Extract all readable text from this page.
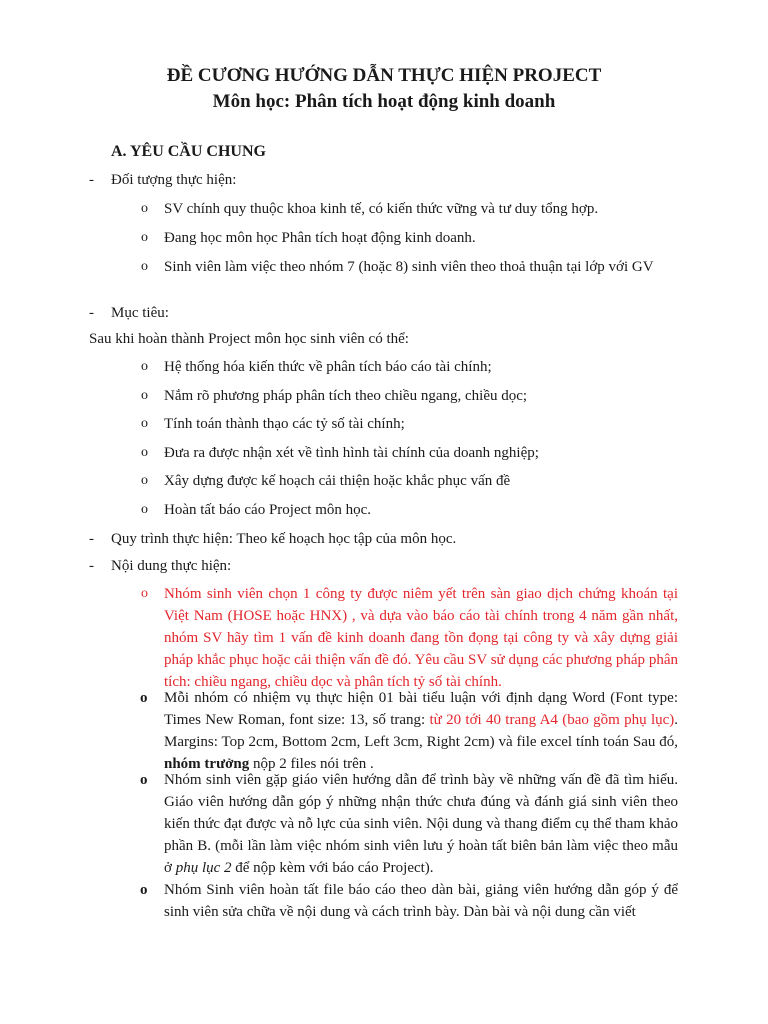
ĐỀ CƯƠNG HƯỚNG DẪN THỰC HIỆN PROJECT
Môn học: Phân tích hoạt động kinh doanh
A. YÊU CẦU CHUNG
- Đối tượng thực hiện:

o SV chính quy thuộc khoa kinh tế, có kiến thức vững và tư duy tổng hợp.

o Đang học môn học Phân tích hoạt động kinh doanh.

o Sinh viên làm việc theo nhóm 7 (hoặc 8) sinh viên theo thoả thuận tại lớp với GV

- Mục tiêu:

Sau khi hoàn thành Project môn học sinh viên có thể:

o Hệ thống hóa kiến thức về phân tích báo cáo tài chính;

o Nắm rõ phương pháp phân tích theo chiều ngang, chiều dọc;

o Tính toán thành thạo các tỷ số tài chính;

o Đưa ra được nhận xét về tình hình tài chính của doanh nghiệp;

o Xây dựng được kế hoạch cải thiện hoặc khắc phục vấn đề

o Hoàn tất báo cáo Project môn học.

- Quy trình thực hiện: Theo kế hoạch học tập của môn học.

- Nội dung thực hiện:

o Nhóm sinh viên chọn 1 công ty được niêm yết trên sàn giao dịch chứng khoán tại Việt Nam (HOSE hoặc HNX) , và dựa vào báo cáo tài chính trong 4 năm gần nhất, nhóm SV hãy tìm 1 vấn đề kinh doanh đang tồn đọng tại công ty và xây dựng giải pháp khắc phục hoặc cải thiện vấn đề đó. Yêu cầu SV sử dụng các phương pháp phân tích: chiều ngang, chiều dọc và phân tích tỷ số tài chính.

o Mỗi nhóm có nhiệm vụ thực hiện 01 bài tiểu luận với định dạng Word (Font type: Times New Roman, font size: 13, số trang: từ 20 tới 40 trang A4 (bao gồm phụ lục). Margins: Top 2cm, Bottom 2cm, Left 3cm, Right 2cm) và file excel tính toán Sau đó, nhóm trưởng nộp 2 files nói trên .

o Nhóm sinh viên gặp giáo viên hướng dẫn để trình bày về những vấn đề đã tìm hiểu. Giáo viên hướng dẫn góp ý những nhận thức chưa đúng và đánh giá sinh viên theo kiến thức đạt được và nỗ lực của sinh viên. Nội dung và thang điểm cụ thể tham khảo phần B. (mỗi lần làm việc nhóm sinh viên lưu ý hoàn tất biên bản làm việc theo mẫu ở phụ lục 2 để nộp kèm với báo cáo Project).

o Nhóm Sinh viên hoàn tất file báo cáo theo dàn bài, giảng viên hướng dẫn góp ý để sinh viên sửa chữa về nội dung và cách trình bày. Dàn bài và nội dung cần viết
